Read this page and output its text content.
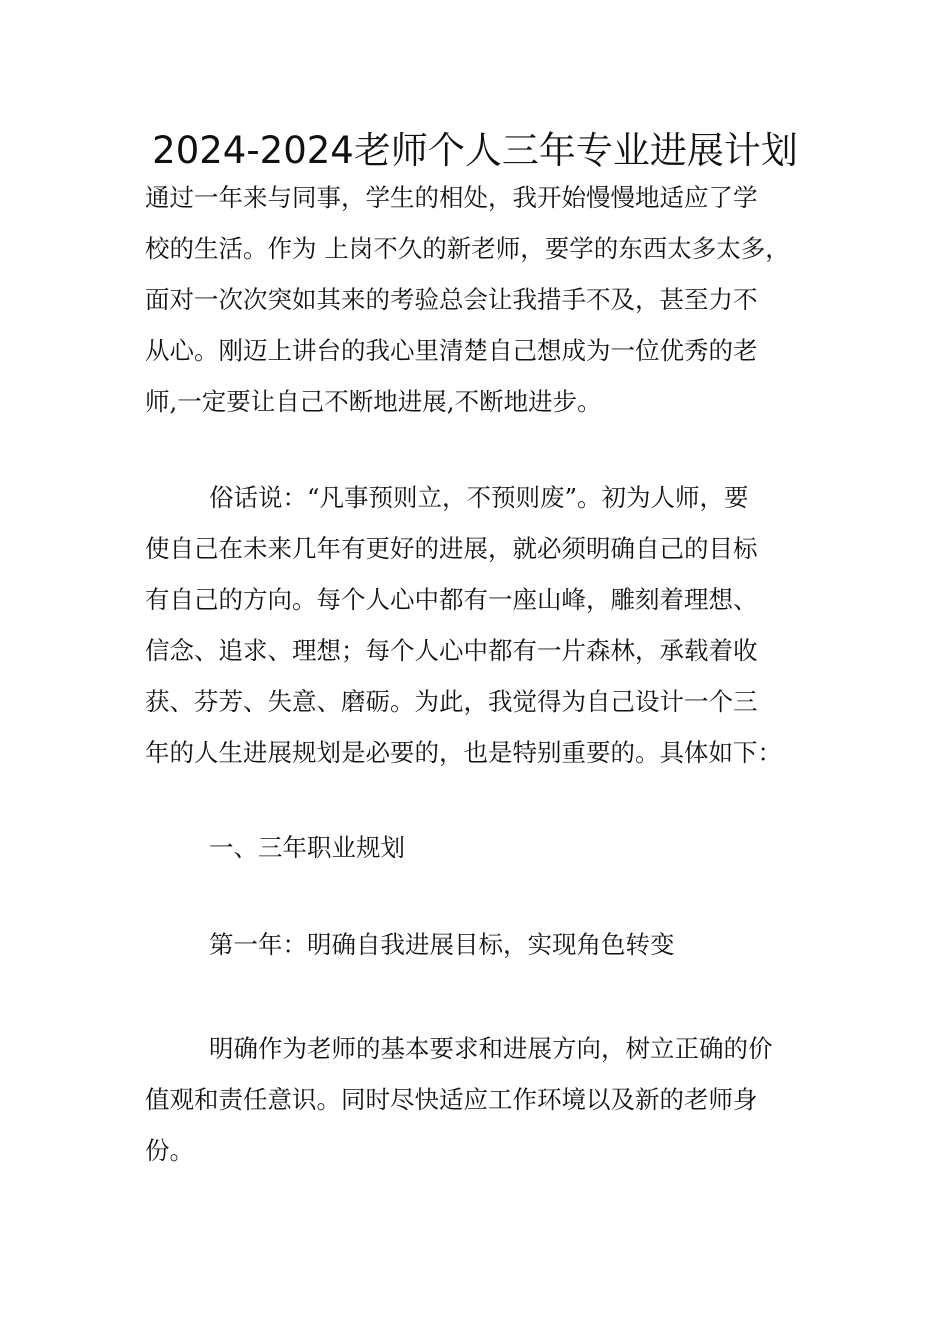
2024-2024老师个人三年专业进展计划
通过一年来与同事，学生的相处，我开始慢慢地适应了学
校的生活。作为 上岗不久的新老师，要学的东西太多太多，
面对一次次突如其来的考验总会让我措手不及，甚至力不
从心。刚迈上讲台的我心里清楚自己想成为一位优秀的老
师,一定要让自己不断地进展,不断地进步。
俗话说：“凡事预则立，不预则废”。初为人师，要
使自己在未来几年有更好的进展，就必须明确自己的目标
有自己的方向。每个人心中都有一座山峰，雕刻着理想、
信念、追求、理想；每个人心中都有一片森林，承载着收
获、芬芳、失意、磨砺。为此，我觉得为自己设计一个三
年的人生进展规划是必要的，也是特别重要的。具体如下：
一、三年职业规划
第一年：明确自我进展目标，实现角色转变
明确作为老师的基本要求和进展方向，树立正确的价
值观和责任意识。同时尽快适应工作环境以及新的老师身
份。
